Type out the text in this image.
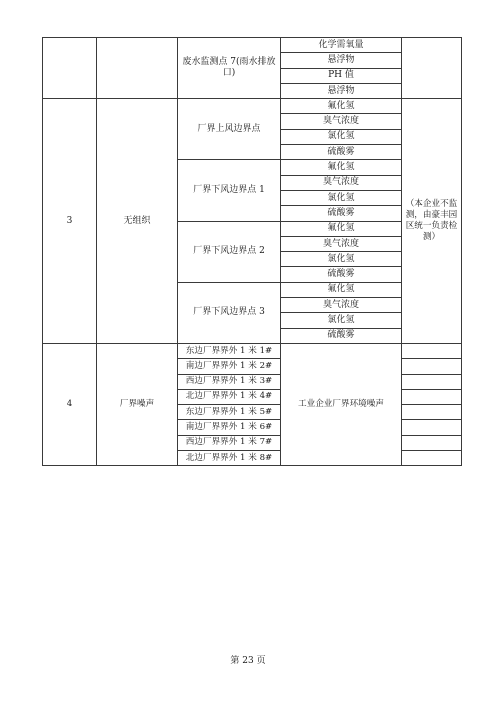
		废水监测点 7(雨水排放口)	化学需氧量	
			悬浮物	
			PH 值	
			悬浮物	
3	无组织	厂界上风边界点	氟化氢	（本企业不监测，由豪丰园区统一负责检测）
			臭气浓度	
			氯化氢	
			硫酸雾	
		厂界下风边界点 1	氟化氢	
			臭气浓度	
			氯化氢	
			硫酸雾	
		厂界下风边界点 2	氟化氢	
			臭气浓度	
			氯化氢	
			硫酸雾	
		厂界下风边界点 3	氟化氢	
			臭气浓度	
			氯化氢	
			硫酸雾	
4	厂界噪声	东边厂界界外 1 米 1#	工业企业厂界环境噪声	
		南边厂界界外 1 米 2#		
		西边厂界界外 1 米 3#		
		北边厂界界外 1 米 4#		
		东边厂界界外 1 米 5#		
		南边厂界界外 1 米 6#		
		西边厂界界外 1 米 7#		
		北边厂界界外 1 米 8#		
第 23 页
